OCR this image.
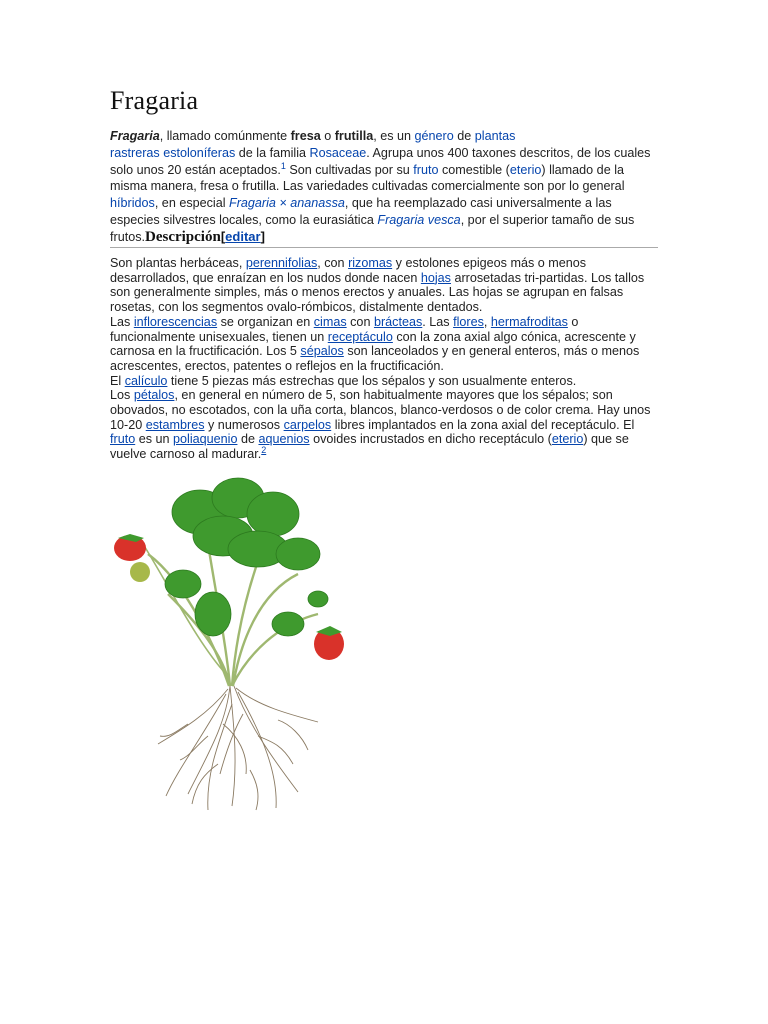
Fragaria
Fragaria, llamado comúnmente fresa o frutilla, es un género de plantas
rastreras estoloníferas de la familia Rosaceae. Agrupa unos 400 taxones descritos, de los cuales solo unos 20 están aceptados.$^1$ Son cultivadas por su fruto comestible (eterio) llamado de la misma manera, fresa o frutilla. Las variedades cultivadas comercialmente son por lo general híbridos, en especial Fragaria × ananassa, que ha reemplazado casi universalmente a las especies silvestres locales, como la eurasiática Fragaria vesca, por el superior tamaño de sus frutos.Descripción[editar]

Son plantas herbáceas, perennifolias, con rizomas y estolones epigeos más o menos desarrollados, que enraízan en los nudos donde nacen hojas arrosetadas tri-partidas. Los tallos son generalmente simples, más o menos erectos y anuales. Las hojas se agrupan en falsas rosetas, con los segmentos ovalo-rómbicos, distalmente dentados.

Las inflorescencias se organizan en cimas con brácteas. Las flores, hermafroditas o funcionalmente unisexuales, tienen un receptáculo con la zona axial algo cónica, acrescente y carnosa en la fructificación. Los 5 sépalos son lanceolados y en general enteros, más o menos acrescentes, erectos, patentes o reflejos en la fructificación.

El calículo tiene 5 piezas más estrechas que los sépalos y son usualmente enteros.

Los pétalos, en general en número de 5, son habitualmente mayores que los sépalos; son obovados, no escotados, con la uña corta, blancos, blanco-verdosos o de color crema. Hay unos 10-20 estambres y numerosos carpelos libres implantados en la zona axial del receptáculo. El fruto es un poliaquenio de aquenios ovoides incrustados en dicho receptáculo (eterio) que se vuelve carnoso al madurar.$^2$
